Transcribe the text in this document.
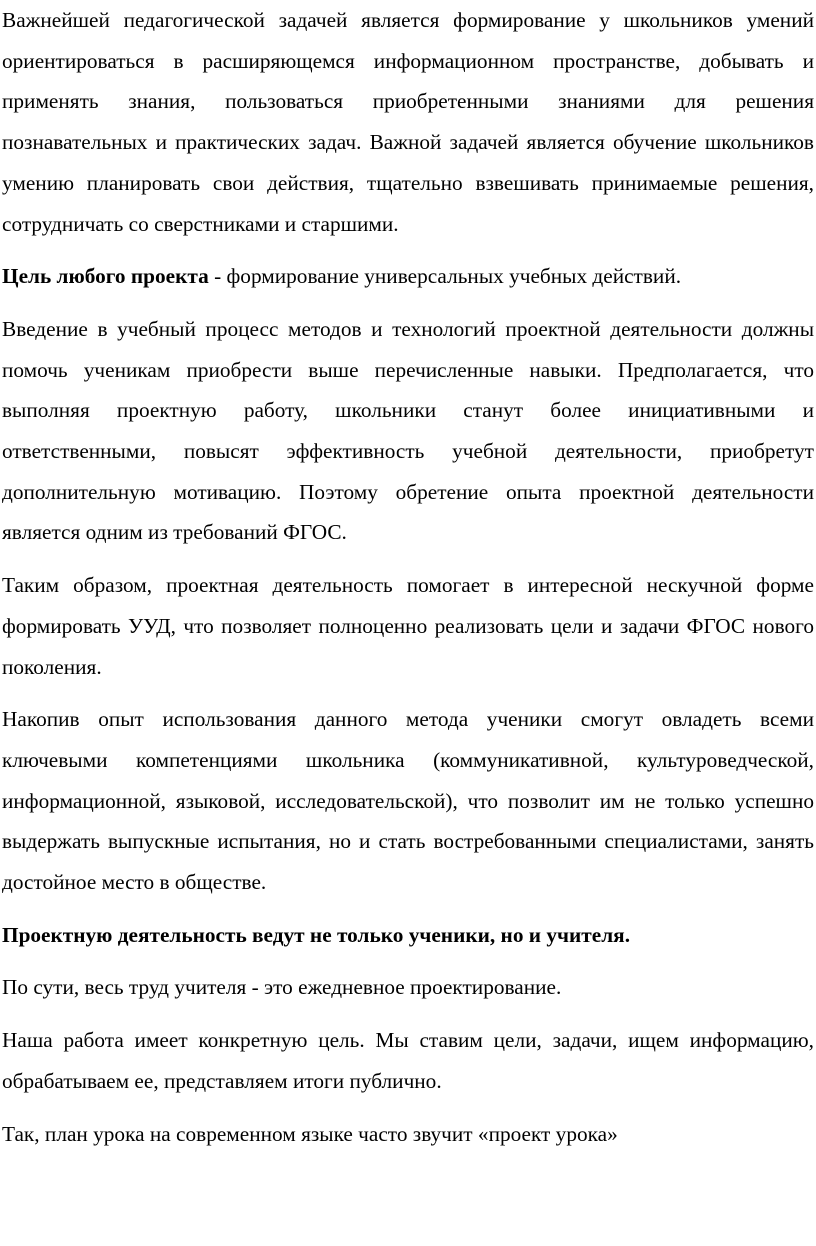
Важнейшей педагогической задачей является формирование у школьников умений ориентироваться в расширяющемся информационном пространстве, добывать и применять знания, пользоваться приобретенными знаниями для решения познавательных и практических задач. Важной задачей является обучение школьников умению планировать свои действия, тщательно взвешивать принимаемые решения, сотрудничать со сверстниками и старшими.

Цель любого проекта - формирование универсальных учебных действий.

Введение в учебный процесс методов и технологий проектной деятельности должны помочь ученикам приобрести выше перечисленные навыки. Предполагается, что выполняя проектную работу, школьники станут более инициативными и ответственными, повысят эффективность учебной деятельности, приобретут дополнительную мотивацию. Поэтому обретение опыта проектной деятельности является одним из требований ФГОС.

Таким образом, проектная деятельность помогает в интересной нескучной форме формировать УУД, что позволяет полноценно реализовать цели и задачи ФГОС нового поколения.

Накопив опыт использования данного метода ученики смогут овладеть всеми ключевыми компетенциями школьника (коммуникативной, культуроведческой, информационной, языковой, исследовательской), что позволит им не только успешно выдержать выпускные испытания, но и стать востребованными специалистами, занять достойное место в обществе.

Проектную деятельность ведут не только ученики, но и учителя.

По сути, весь труд учителя - это ежедневное проектирование.

Наша работа имеет конкретную цель. Мы ставим цели, задачи, ищем информацию, обрабатываем ее, представляем итоги публично.

Так, план урока на современном языке часто звучит «проект урока»
